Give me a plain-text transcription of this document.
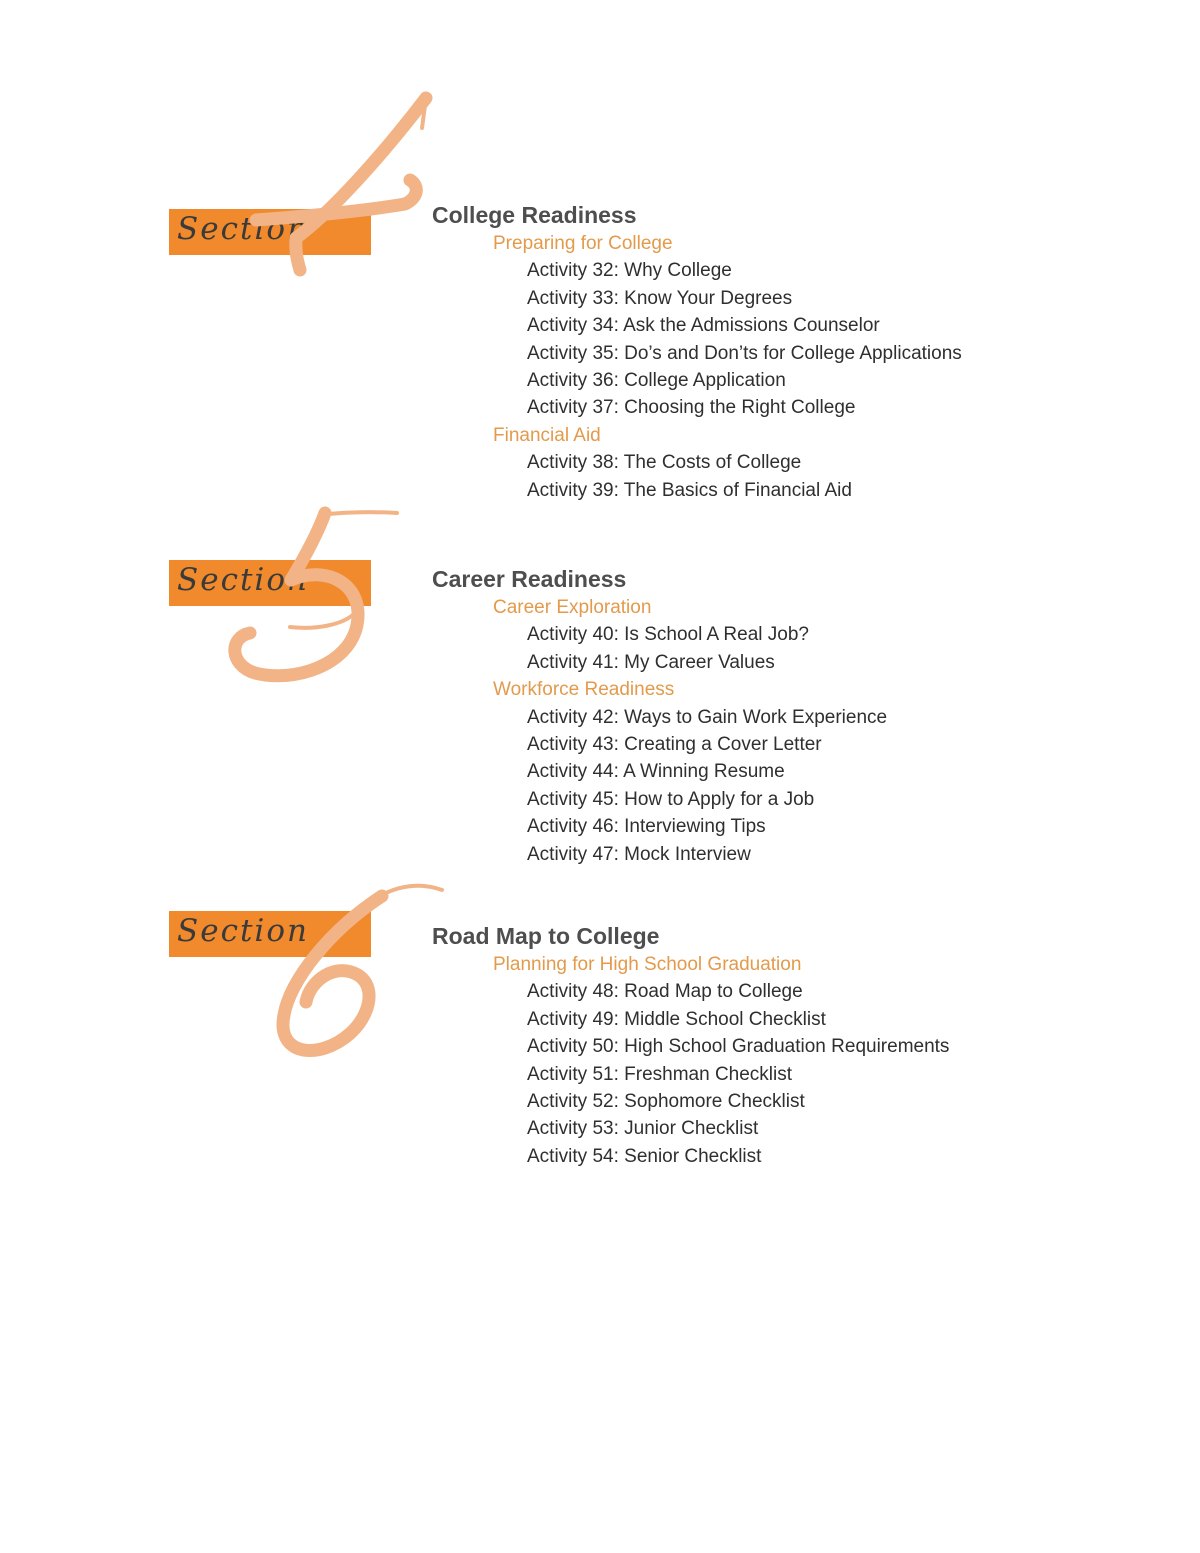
Section	College Readiness
Preparing for College
Activity 32: Why College
Activity 33: Know Your Degrees
Activity 34: Ask the Admissions Counselor
Activity 35: Do’s and Don’ts for College Applications
Activity 36: College Application
Activity 37: Choosing the Right College
Financial Aid
Activity 38: The Costs of College
Activity 39: The Basics of Financial Aid
Section	Career Readiness
Career Exploration
Activity 40: Is School A Real Job?
Activity 41: My Career Values
Workforce Readiness
Activity 42: Ways to Gain Work Experience
Activity 43: Creating a Cover Letter
Activity 44: A Winning Resume
Activity 45: How to Apply for a Job
Activity 46: Interviewing Tips
Activity 47: Mock Interview
Section	Road Map to College
Planning for High School Graduation
Activity 48: Road Map to College
Activity 49: Middle School Checklist
Activity 50: High School Graduation Requirements
Activity 51: Freshman Checklist
Activity 52: Sophomore Checklist
Activity 53: Junior Checklist
Activity 54: Senior Checklist
